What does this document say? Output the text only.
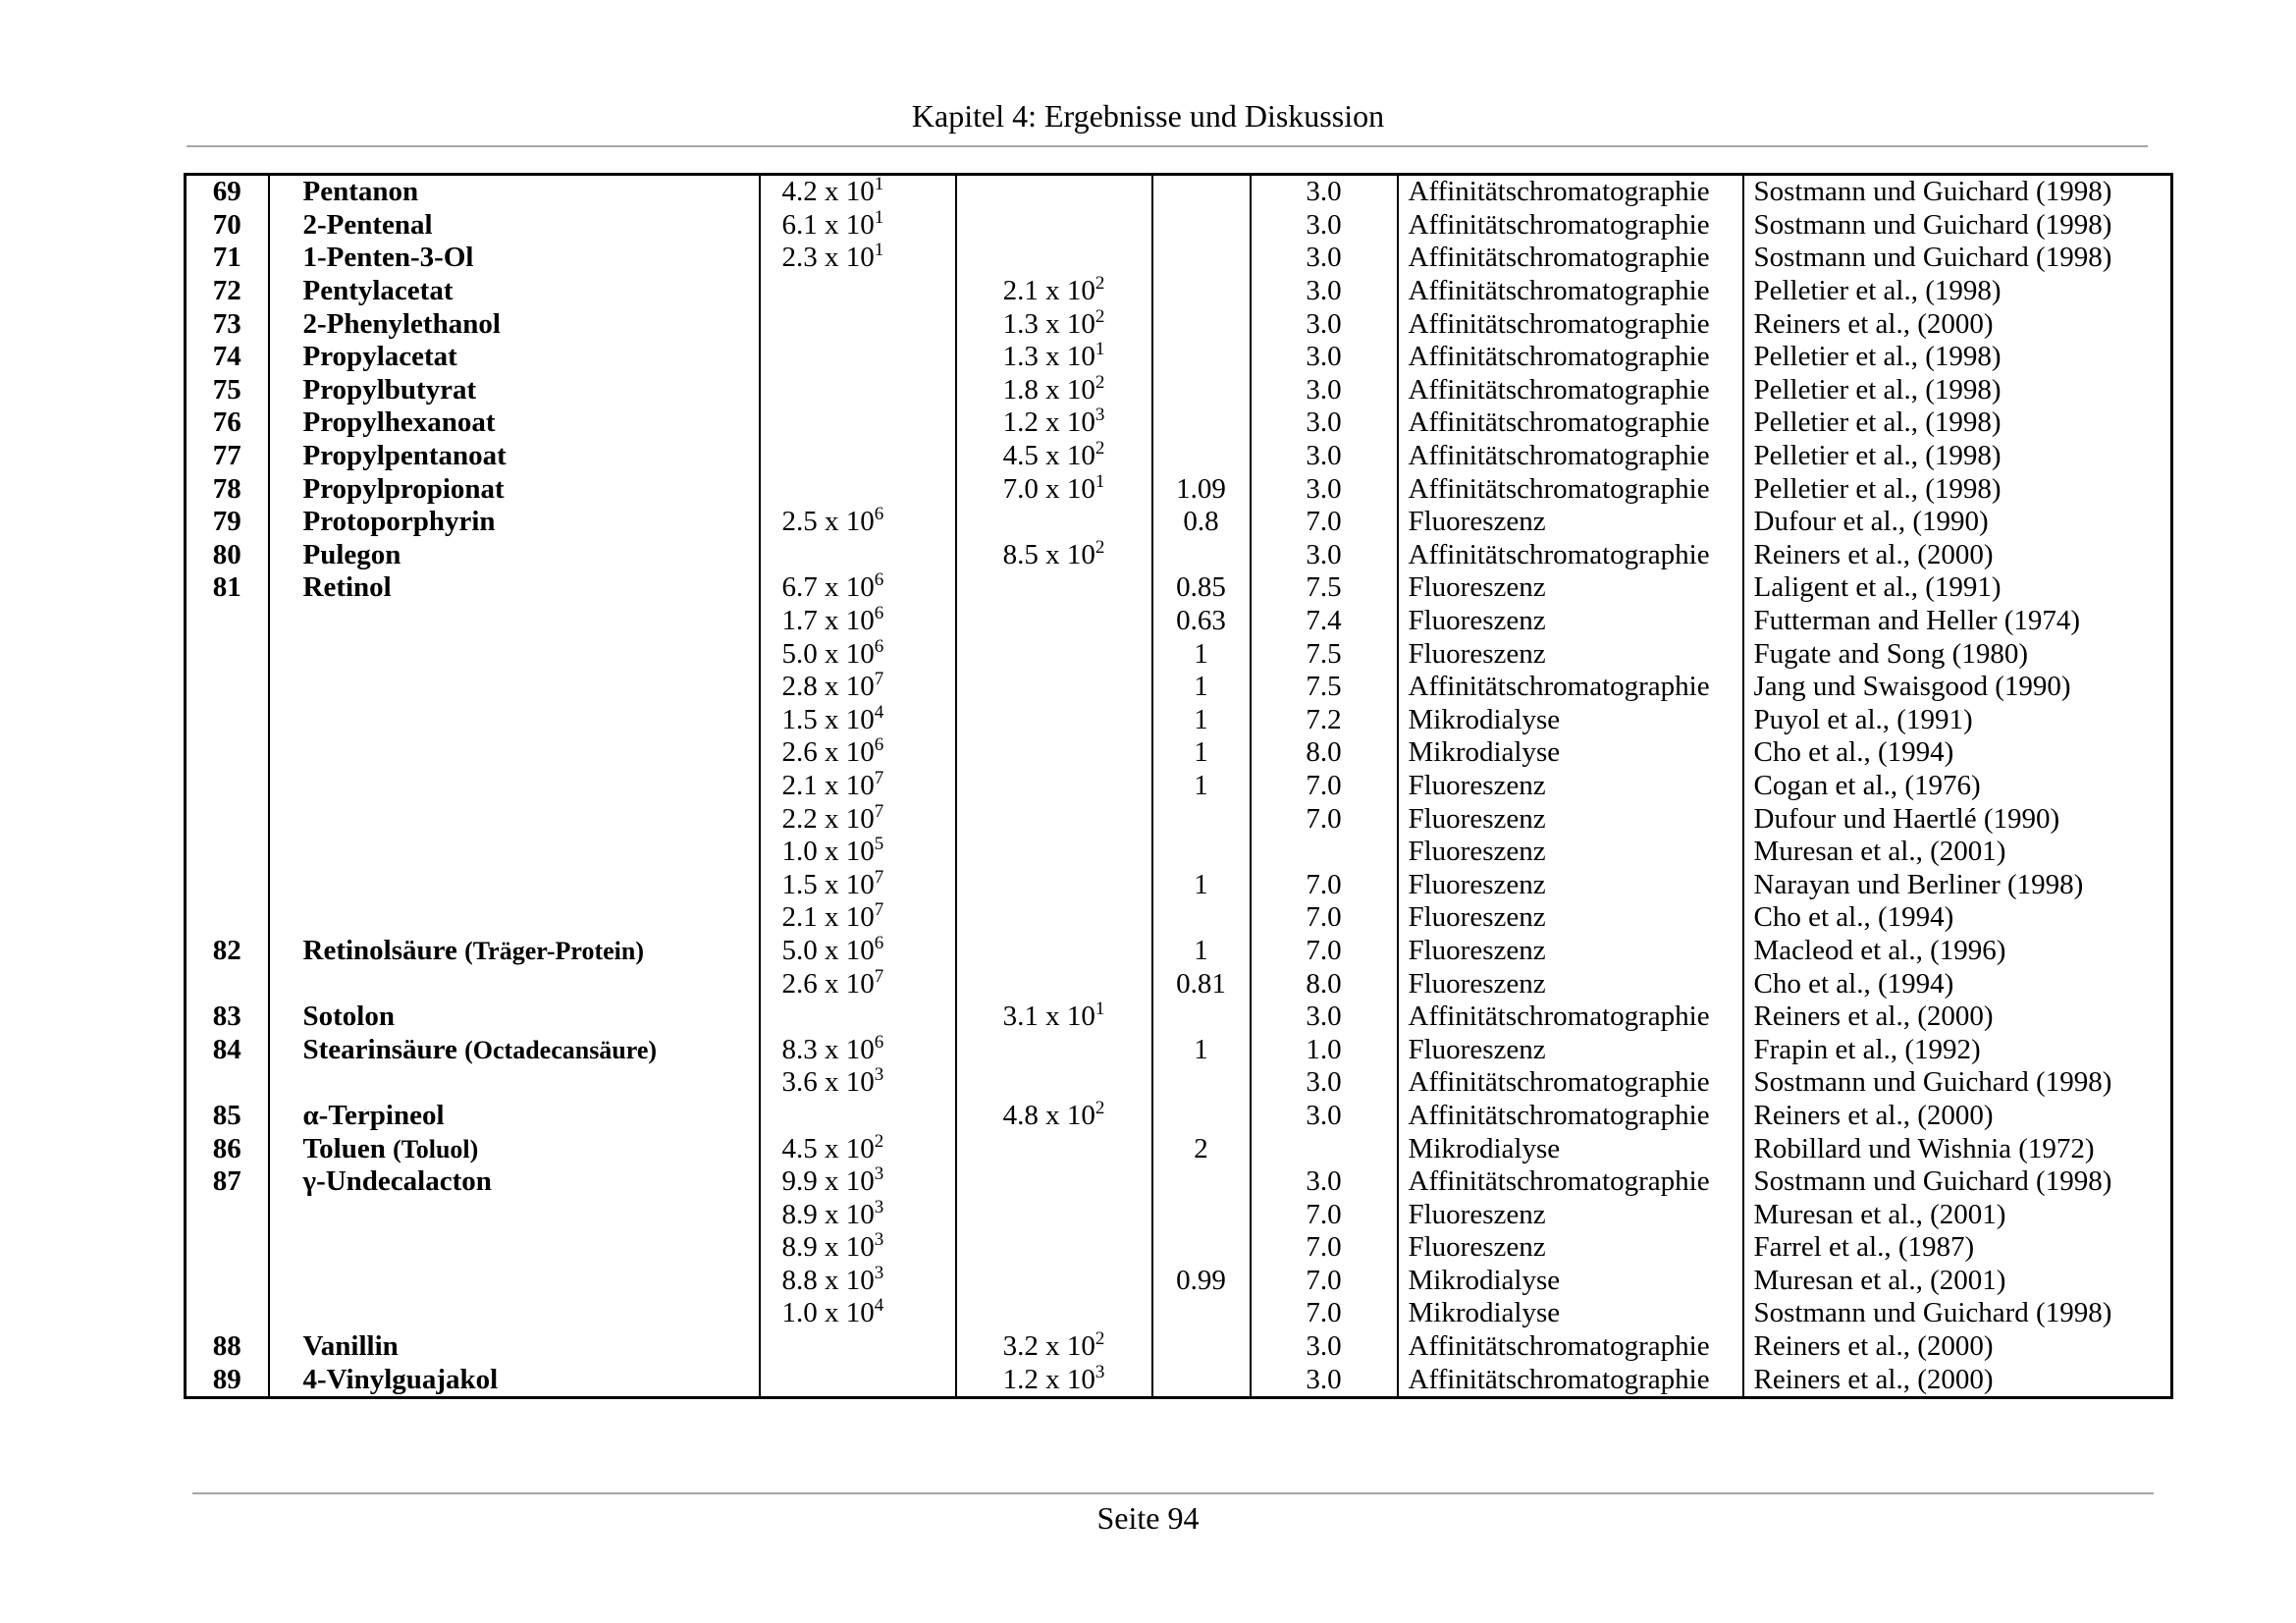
Kapitel 4: Ergebnisse und Diskussion
69	Pentanon	4.2 x $10^1$			3.0	Affinitätschromatographie	Sostmann und Guichard (1998)
70	2-Pentenal	6.1 x $10^1$			3.0	Affinitätschromatographie	Sostmann und Guichard (1998)
71	1-Penten-3-Ol	2.3 x $10^1$			3.0	Affinitätschromatographie	Sostmann und Guichard (1998)
72	Pentylacetat		2.1 x $10^2$		3.0	Affinitätschromatographie	Pelletier et al., (1998)
73	2-Phenylethanol		1.3 x $10^2$		3.0	Affinitätschromatographie	Reiners et al., (2000)
74	Propylacetat		1.3 x $10^1$		3.0	Affinitätschromatographie	Pelletier et al., (1998)
75	Propylbutyrat		1.8 x $10^2$		3.0	Affinitätschromatographie	Pelletier et al., (1998)
76	Propylhexanoat		1.2 x $10^3$		3.0	Affinitätschromatographie	Pelletier et al., (1998)
77	Propylpentanoat		4.5 x $10^2$		3.0	Affinitätschromatographie	Pelletier et al., (1998)
78	Propylpropionat		7.0 x $10^1$	1.09	3.0	Affinitätschromatographie	Pelletier et al., (1998)
79	Protoporphyrin	2.5 x $10^6$		0.8	7.0	Fluoreszenz	Dufour et al., (1990)
80	Pulegon		8.5 x $10^2$		3.0	Affinitätschromatographie	Reiners et al., (2000)
81	Retinol	6.7 x $10^6$		0.85	7.5	Fluoreszenz	Laligent et al., (1991)
		1.7 x $10^6$		0.63	7.4	Fluoreszenz	Futterman and Heller (1974)
		5.0 x $10^6$		1	7.5	Fluoreszenz	Fugate and Song (1980)
		2.8 x $10^7$		1	7.5	Affinitätschromatographie	Jang und Swaisgood (1990)
		1.5 x $10^4$		1	7.2	Mikrodialyse	Puyol et al., (1991)
		2.6 x $10^6$		1	8.0	Mikrodialyse	Cho et al., (1994)
		2.1 x $10^7$		1	7.0	Fluoreszenz	Cogan et al., (1976)
		2.2 x $10^7$			7.0	Fluoreszenz	Dufour und Haertlé (1990)
		1.0 x $10^5$				Fluoreszenz	Muresan et al., (2001)
		1.5 x $10^7$		1	7.0	Fluoreszenz	Narayan und Berliner (1998)
		2.1 x $10^7$			7.0	Fluoreszenz	Cho et al., (1994)
82	Retinolsäure (Träger-Protein)	5.0 x $10^6$		1	7.0	Fluoreszenz	Macleod et al., (1996)
		2.6 x $10^7$		0.81	8.0	Fluoreszenz	Cho et al., (1994)
83	Sotolon		3.1 x $10^1$		3.0	Affinitätschromatographie	Reiners et al., (2000)
84	Stearinsäure (Octadecansäure)	8.3 x $10^6$		1	1.0	Fluoreszenz	Frapin et al., (1992)
		3.6 x $10^3$			3.0	Affinitätschromatographie	Sostmann und Guichard (1998)
85	α-Terpineol		4.8 x $10^2$		3.0	Affinitätschromatographie	Reiners et al., (2000)
86	Toluen (Toluol)	4.5 x $10^2$		2		Mikrodialyse	Robillard und Wishnia (1972)
87	γ-Undecalacton	9.9 x $10^3$			3.0	Affinitätschromatographie	Sostmann und Guichard (1998)
		8.9 x $10^3$			7.0	Fluoreszenz	Muresan et al., (2001)
		8.9 x $10^3$			7.0	Fluoreszenz	Farrel et al., (1987)
		8.8 x $10^3$		0.99	7.0	Mikrodialyse	Muresan et al., (2001)
		1.0 x $10^4$			7.0	Mikrodialyse	Sostmann und Guichard (1998)
88	Vanillin		3.2 x $10^2$		3.0	Affinitätschromatographie	Reiners et al., (2000)
89	4-Vinylguajakol		1.2 x $10^3$		3.0	Affinitätschromatographie	Reiners et al., (2000)
Seite 94
